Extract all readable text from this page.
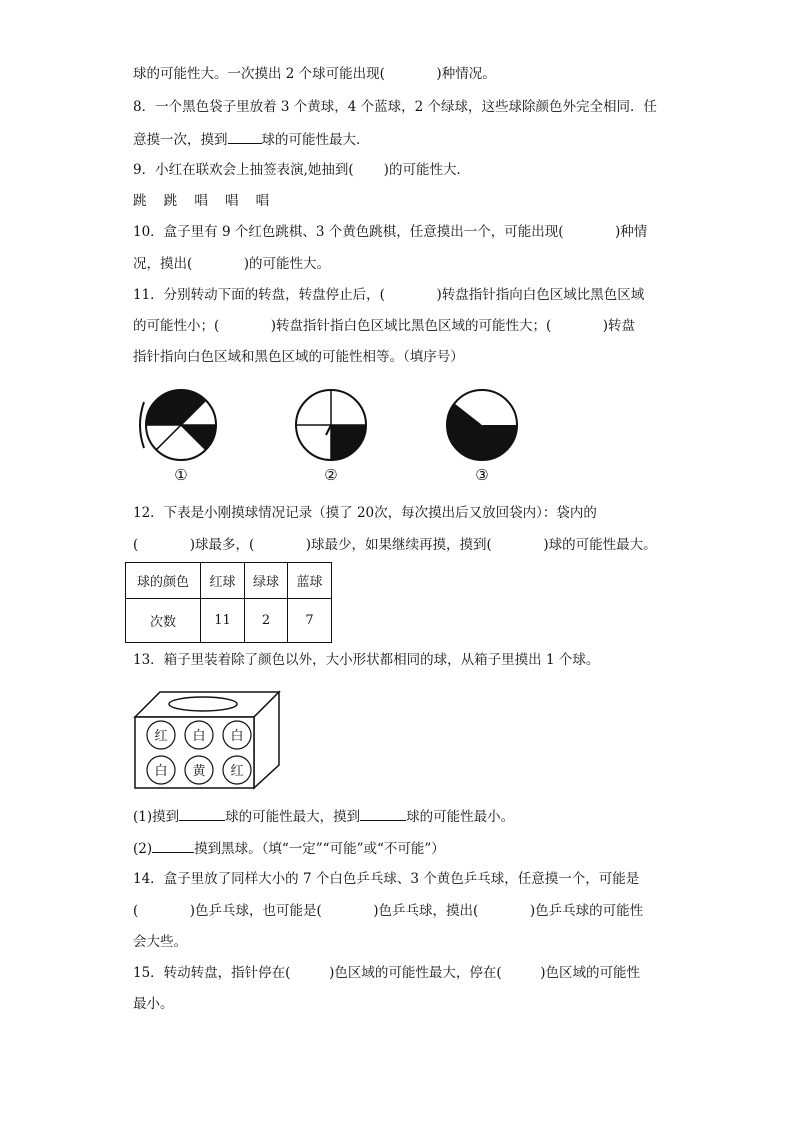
球的可能性大。一次摸出 2 个球可能出现(            )种情况。
8．一个黑色袋子里放着 3 个黄球，4 个蓝球，2 个绿球，这些球除颜色外完全相同．任
意摸一次，摸到	球的可能性最大．
9．小红在联欢会上抽签表演,她抽到(       )的可能性大．
跳    跳    唱    唱    唱
10．盒子里有 9 个红色跳棋、3 个黄色跳棋，任意摸出一个，可能出现(            )种情
况，摸出(            )的可能性大。
11．分别转动下面的转盘，转盘停止后，(            )转盘指针指向白色区域比黑色区域
的可能性小；(            )转盘指针指白色区域比黑色区域的可能性大；(            )转盘
指针指向白色区域和黑色区域的可能性相等。（填序号）
①	②	③
12．下表是小刚摸球情况记录（摸了 20次，每次摸出后又放回袋内）：袋内的
(            )球最多，(            )球最少，如果继续再摸，摸到(            )球的可能性最大。
球的颜色	红球	绿球	蓝球
次数	11	2	7
13．箱子里装着除了颜色以外，大小形状都相同的球，从箱子里摸出 1 个球。
红 白 白
白 黄 红
(1)摸到	球的可能性最大，摸到	球的可能性最小。
(2)	摸到黑球。（填“一定”“可能”或“不可能”）
14．盒子里放了同样大小的 7 个白色乒乓球、3 个黄色乒乓球，任意摸一个，可能是
(            )色乒乓球，也可能是(            )色乒乓球，摸出(            )色乒乓球的可能性
会大些。
15．转动转盘，指针停在(         )色区域的可能性最大，停在(         )色区域的可能性
最小。
